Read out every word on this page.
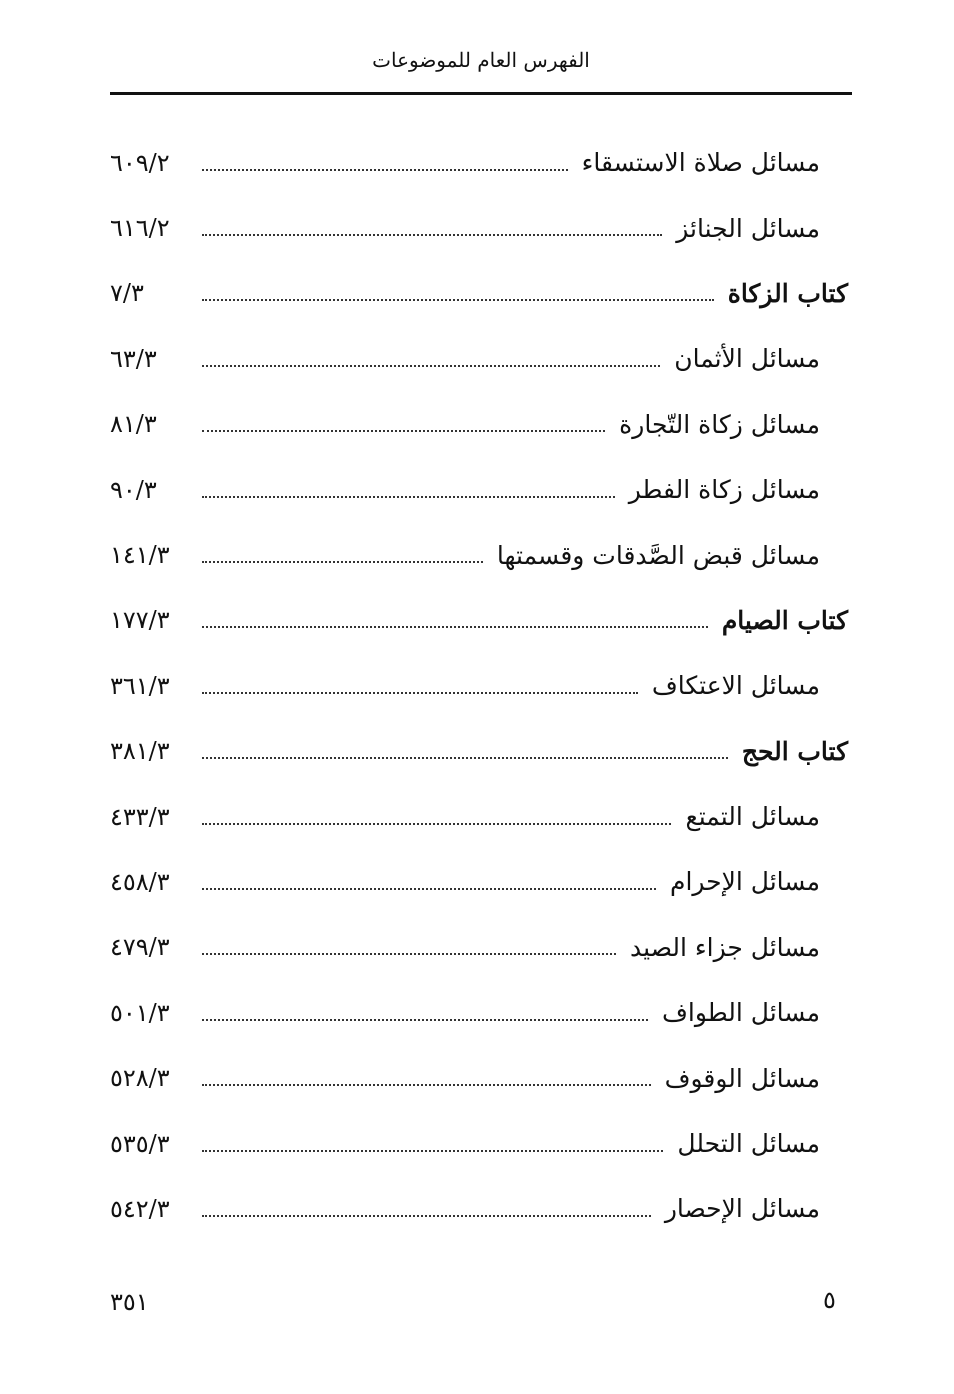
الفهرس العام للموضوعات
مسائل صلاة الاستسقاء
٢/٦٠٩
مسائل الجنائز
٢/٦١٦
كتاب الزكاة
٣/٧
مسائل الأثمان
٣/٦٣
مسائل زكاة التّجارة
٣/٨١
مسائل زكاة الفطر
٣/٩٠
مسائل قبض الصَّدقات وقسمتها
٣/١٤١
كتاب الصيام
٣/١٧٧
مسائل الاعتكاف
٣/٣٦١
كتاب الحج
٣/٣٨١
مسائل التمتع
٣/٤٣٣
مسائل الإحرام
٣/٤٥٨
مسائل جزاء الصيد
٣/٤٧٩
مسائل الطواف
٣/٥٠١
مسائل الوقوف
٣/٥٢٨
مسائل التحلل
٣/٥٣٥
مسائل الإحصار
٣/٥٤٢
٣٥١	٥
